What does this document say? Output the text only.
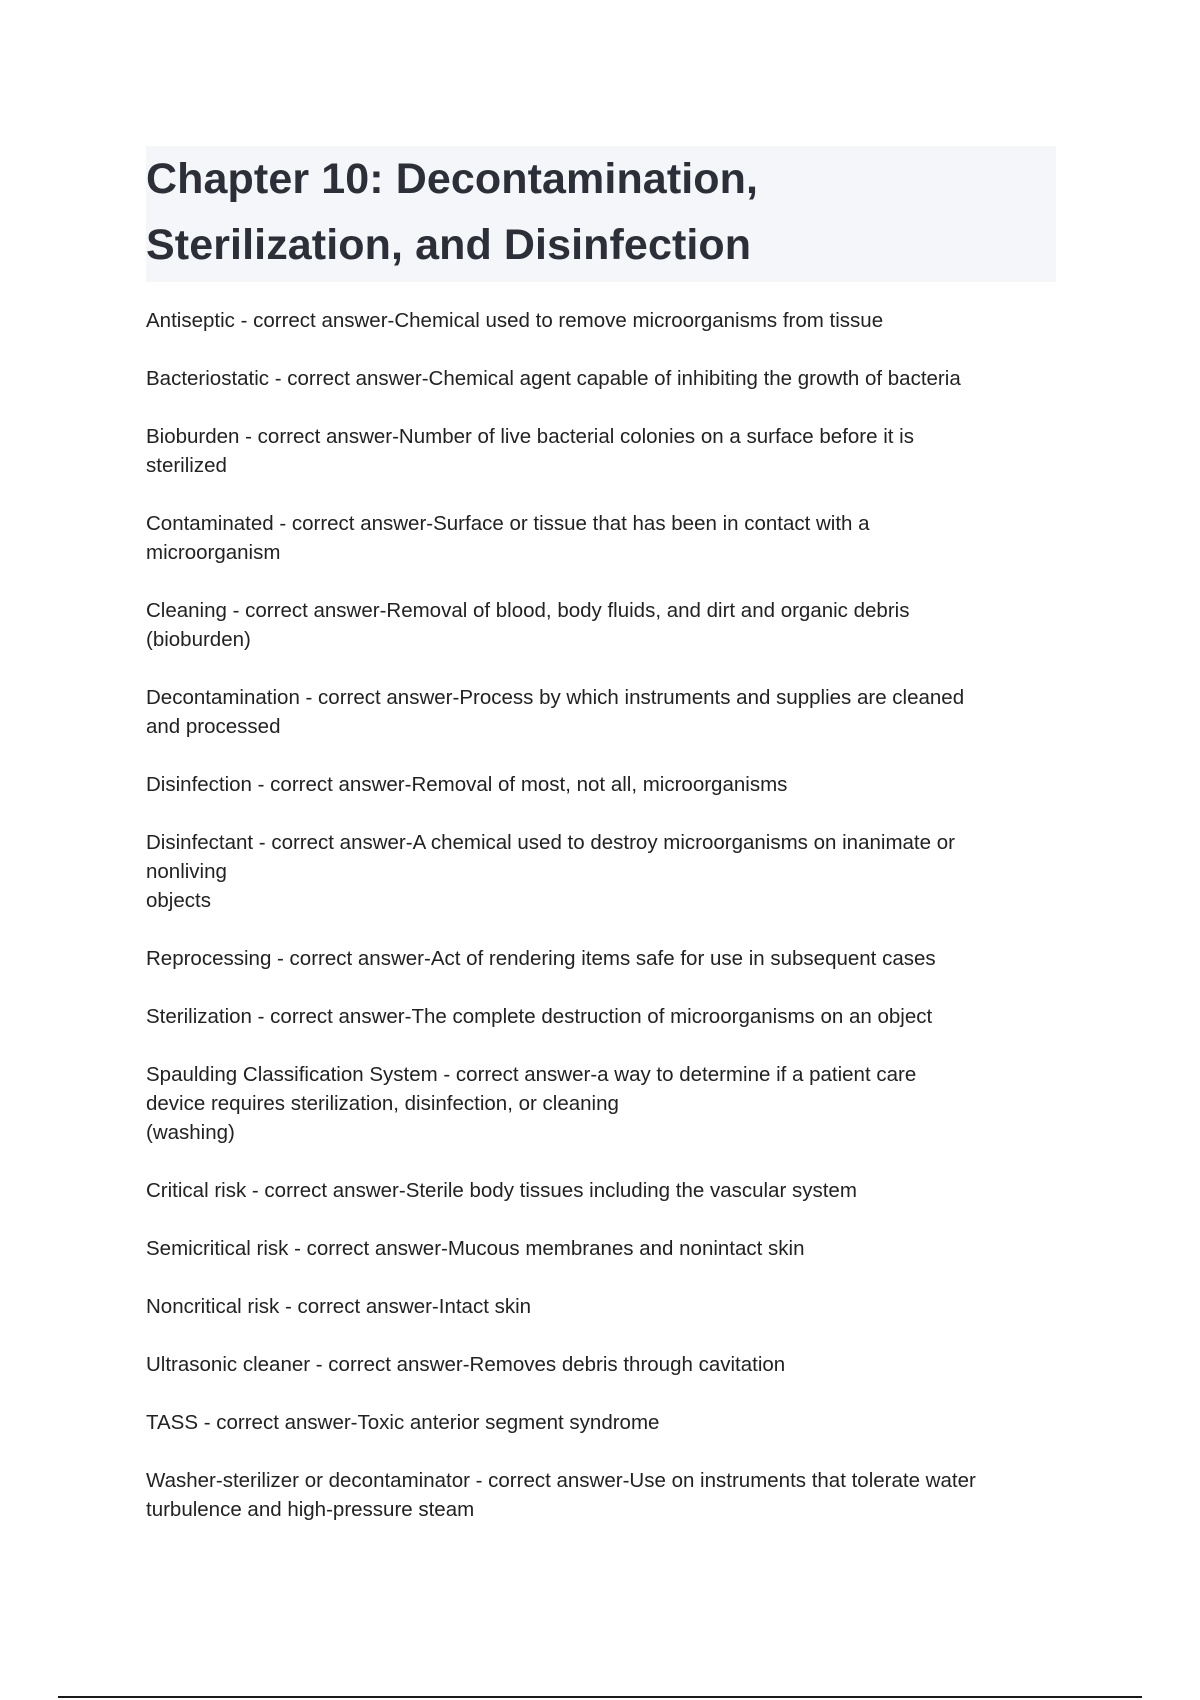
Chapter 10: Decontamination,
Sterilization, and Disinfection
Antiseptic - correct answer-Chemical used to remove microorganisms from tissue
Bacteriostatic - correct answer-Chemical agent capable of inhibiting the growth of bacteria
Bioburden - correct answer-Number of live bacterial colonies on a surface before it is
sterilized
Contaminated - correct answer-Surface or tissue that has been in contact with a
microorganism
Cleaning - correct answer-Removal of blood, body fluids, and dirt and organic debris
(bioburden)
Decontamination - correct answer-Process by which instruments and supplies are cleaned
and processed
Disinfection - correct answer-Removal of most, not all, microorganisms
Disinfectant - correct answer-A chemical used to destroy microorganisms on inanimate or
nonliving
objects
Reprocessing - correct answer-Act of rendering items safe for use in subsequent cases
Sterilization - correct answer-The complete destruction of microorganisms on an object
Spaulding Classification System - correct answer-a way to determine if a patient care
device requires sterilization, disinfection, or cleaning
(washing)
Critical risk - correct answer-Sterile body tissues including the vascular system
Semicritical risk - correct answer-Mucous membranes and nonintact skin
Noncritical risk - correct answer-Intact skin
Ultrasonic cleaner - correct answer-Removes debris through cavitation
TASS - correct answer-Toxic anterior segment syndrome
Washer-sterilizer or decontaminator - correct answer-Use on instruments that tolerate water
turbulence and high-pressure steam
